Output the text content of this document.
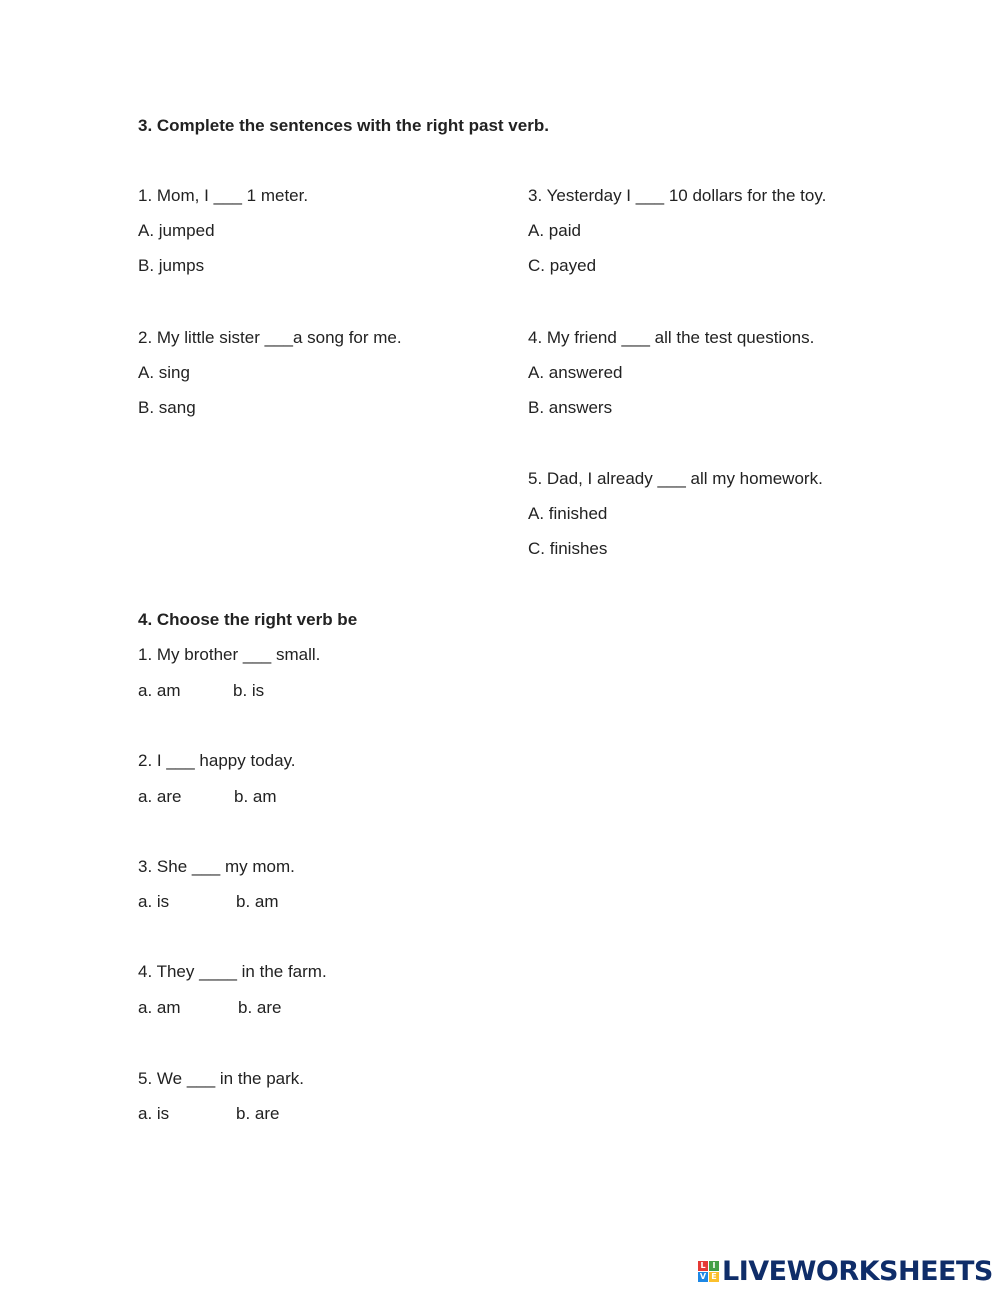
3. Complete the sentences with the right past verb.
1. Mom, I ___ 1 meter.
A. jumped
B. jumps
2. My little sister ___a song for me.
A. sing
B. sang
3. Yesterday I ___ 10 dollars for the toy.
A. paid
C. payed
4. My friend ___ all the test questions.
A. answered
B. answers
5. Dad, I already ___ all my homework.
A. finished
C. finishes
4. Choose the right verb be
1. My brother ___ small.
a. am	b. is
2. I ___ happy today.
a. are	b. am
3. She ___ my mom.
a. is	b. am
4. They ____ in the farm.
a. am	b. are
5. We ___ in the park.
a. is	b. are
L I
V E LIVEWORKSHEETS
